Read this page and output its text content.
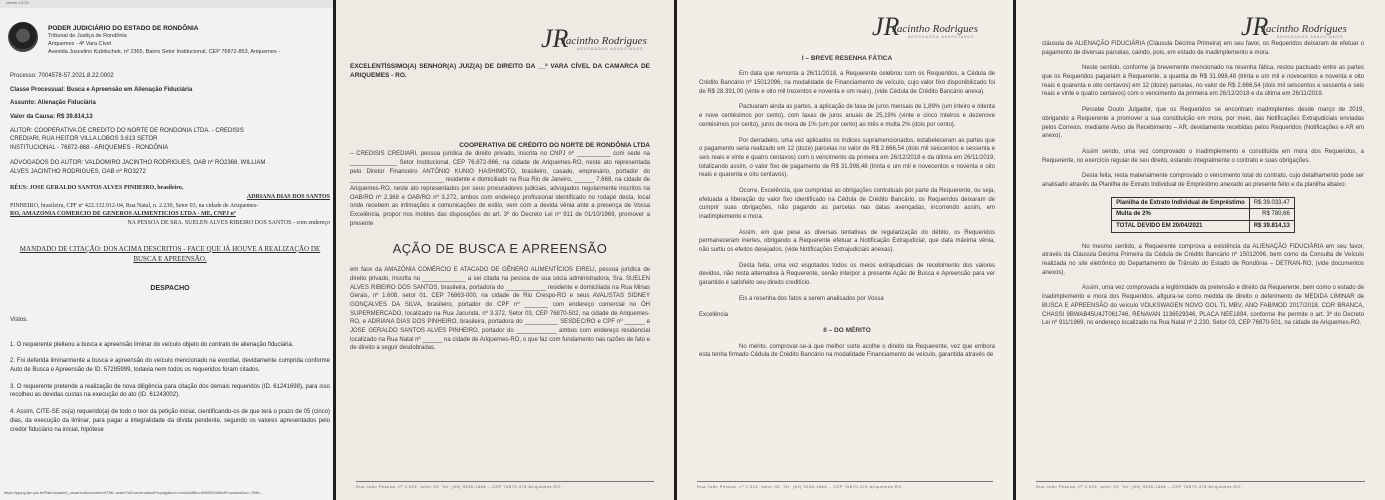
viewer 13:32
PODER JUDICIÁRIO DO ESTADO DE RONDÔNIA
Tribunal de Justiça de Rondônia
Ariquemes - 4ª Vara Cível
Avenida Juscelino Kubitschek, nº 2365, Bairro Setor Institucional, CEP 76872-853, Ariquemes -
Processo: 7004578-57.2021.8.22.0002
Classe Processual: Busca e Apreensão em Alienação Fiduciária
Assunto: Alienação Fiduciária
Valor da Causa: R$ 39.814,13
AUTOR: COOPERATIVA DE CREDITO DO NORTE DE RONDONIA LTDA. - CREDISIS
CREDIARI, RUA HEITOR VILLA LOBOS 3.613 SETOR
INSTITUCIONAL - 76872-868 - ARIQUEMES - RONDÔNIA
ADVOGADOS DO AUTOR: VALDOMIRO JACINTHO RODRIGUES, OAB nº RO2368, WILLIAM
ALVES JACINTHO RODRIGUES, OAB nº RO3272
RÉUS: JOSE GERALDO SANTOS ALVES PINHEIRO, brasileiro,
ADRIANA DIAS DOS SANTOS
PINHEIRO, brasileira, CPF nº 422.332.912-04, Rua Natal, n. 2.230, Setor 03, na cidade de Ariquemes-
RO, AMAZONIA COMERCIO DE GENEROS ALIMENTICIOS LTDA - ME, CNPJ nº
NA PESSOA DE SRA. SUELEN ALVES RIBEIRO DOS SANTOS - com endereço
MANDADO DE CITAÇÃO: DOS ACIMA DESCRITOS - FACE QUE JÁ HOUVE A REALIZAÇÃO DE BUSCA E APREENSÃO.
DESPACHO
Vistos.
1. O requerente pleiteou a busca e apreensão liminar do veículo objeto do contrato de alienação fiduciária.
2. Foi deferida liminarmente a busca e apreensão do veículo mencionado na exordial, devidamente cumprida conforme Auto de Busca e Apreensão de ID. 57285999, todavia nem todos os requeridos foram citados.
3. O requerente pretende a realização de nova diligência para citação dos demais requeridos (ID. 61241698), para isso recolheu as devidas custas na execução do ato (ID. 61243002).
4. Assim, CITE-SE os(a) requerido(a) de todo o teor da petição inicial, cientificando-os de que terá o prazo de 05 (cinco) dias, da execução da liminar, para pagar a integralidade da dívida pendente, segundo os valores apresentados pelo credor fiduciário na inicial, hipótese
https://pjepg.tjro.jus.br/Painel/painel_usuario/documentoHTML.seam?idConversationPropagation=none&idBin=59690408&idProcessoDoc=7656...
JR
Jacintho Rodrigues
ADVOGADOS ASSOCIADOS
EXCELENTÍSSIMO(A) SENHOR(A) JUIZ(A) DE DIREITO DA __ª VARA CÍVEL DA CAMARCA DE ARIQUEMES - RO.
COOPERATIVA DE CRÉDITO DO NORTE DE RONDÔNIA LTDA

– CREDISIS CREDIARI, pessoa jurídica de direito privado, inscrita no CNPJ nº __________ com sede na ______________ Setor Institucional, CEP 76.872-866, na cidade de Ariquemes-RO, neste ato representada pelo Diretor Financeiro ANTÔNIO KUNIO HASHIMOTO, brasileiro, casado, empresário, portador do ____________________________ residente e domiciliado na Rua Rio de Janeiro, ______ 7.668, na cidade de Ariquemes-RO, neste ato representados por seus procuradores judiciais, advogados regularmente inscritos na OAB/RO nº 2.368 e OAB/RO nº 3.272, ambos com endereço profissional identificado no rodapé desta, local onde recebem as intimações e comunicações de estilo, vem com a devida vênia ante a presença de Vossa Excelência, propor nos moldes das disposições do art. 3º do Decreto Lei nº 911 de 01/10/1969, promover a presente

AÇÃO DE BUSCA E APREENSÃO

em face da AMAZÔNIA COMÉRCIO E ATACADO DE GÊNERO ALIMENTÍCIOS EIRELI, pessoa jurídica de direito privado, inscrita no _____________ a sei citada na pessoa de sua sócia administradora, Sra. SUELEN ALVES RIBEIRO DOS SANTOS, brasileira, portadora do ____________ residente e domiciliada na Rua Minas Gerais, nº 1.608, setor 01, CEP 76863-000, na cidade de Rio Crespo-RO e seus AVALISTAS SIDNEY GONÇALVES DA SILVA, brasileiro, portador do CPF nº _______ com endereço comercial no ÓH SUPERMERCADO, localizado na Rua Jacundá, nº 3.372, Setor 03, CEP 76870-502, na cidade de Ariquemes-RO, e ADRIANA DIAS DOS PINHEIRO, brasileira, portadora do __________ SESDEC/RO e CPF nº ______ e JOSE GERALDO SANTOS ALVES PINHEIRO, portador do ____________ ambos com endereço residencial localizado na Rua Natal nº ______ na cidade de Ariquemes-RO, o que faz com fundamento nas razões de fato e de direito a seguir desdobradas.

Rua João Pessoa, nº 2.524, setor 03, Tel: (69) 3536-1866 – CEP 76870-476 Ariquemes-RO.
JR
Jacintho Rodrigues
ADVOGADOS ASSOCIADOS

I – BREVE RESENHA FÁTICA

Em data que remonta a 26/11/2018, a Requerente celebrou com os Requeridos, a Cédula de Crédito Bancário nº 15012096, na modalidade de Financiamento de veículo, cujo valor fixo disponibilizado foi de R$ 28.391,00 (vinte e oito mil trezentos e noventa e um reais), (vide Cédula de Crédito Bancário anexa).

Pactuaram ainda as partes, a aplicação de taxa de juros mensais de 1,89% (um inteiro e oitenta e nove centésimos por cento), com taxas de juros anuais de 25,19% (vinte e cinco inteiros e dezenove centésimos por cento), juros de mora de 1% (um por cento) ao mês e multa 2% (dois por cento).

Por derradeiro, uma vez aplicados os índices supramencionados, estabeleceram as partes que o pagamento seria realizado em 12 (doze) parcelas no valor de R$ 2.666,54 (dois mil seiscentos e sessenta e seis reais e vinte e quatro centavos) com o vencimento da primeira em 26/12/2018 e da última em 26/11/2019, totalizando assim, o valor fixo de pagamento de R$ 31.998,48 (trinta e um mil e novecentos e noventa e oito reais e quarenta e oito centavos).

Ocorre, Excelência, que cumpridas as obrigações contratuais por parte da Requerente, ou seja, efetuada a liberação do valor fixo identificado na Cédula de Crédito Bancário, os Requeridos deixaram de cumprir suas obrigações, não pagando as parcelas nas datas avençadas, incorrendo assim, em inadimplemento e mora.

Assim, em que pese as diversas tentativas de regularização do débito, os Requeridos permaneceram inertes, obrigando a Requerente efetuar a Notificação Extrajudicial, que data máxima vênia, não surtiu os efeitos desejados, (vide Notificações Extrajudiciais anexas).

Desta feita, uma vez esgotados todos os meios extrajudiciais de recebimento dos valores devidos, não resta alternativa à Requerente, senão interpor a presente Ação de Busca e Apreensão para ver garantido e satisfeito seu direito creditício.

Eis a resenha dos fatos a serem analisados por Vossa

Excelência

II – DO MÉRITO

No mérito, comprovar-se-á que melhor sorte acolhe o direito da Requerente, vez que embora esta tenha firmado Cédula de Crédito Bancário na modalidade Financiamento de veículo, garantida através de

Rua João Pessoa, nº 2.524, setor 03, Tel: (69) 3536-1866 – CEP 76870-476 Ariquemes-RO.
JR
Jacintho Rodrigues
ADVOGADOS ASSOCIADOS

cláusula de ALIENAÇÃO FIDUCIÁRIA (Cláusula Décima Primeira) em seu favor, os Requeridos deixaram de efetuar o pagamento de diversas parcelas, caindo, pois, em estado de inadimplemento e mora.

Neste sentido, conforme já brevemente mencionado na resenha fática, restou pactuado entre as partes que os Requeridos pagariam à Requerente, a quantia de R$ 31.998,48 (trinta e um mil e novecentos e noventa e oito reais e quarenta e oito centavos) em 12 (doze) parcelas, no valor de R$ 2.666,54 (dois mil seiscentos e sessenta e seis reais e vinte e quatro centavos) com o vencimento da primeira em 26/12/2018 e da última em 26/11/2019.

Percebe Douto Julgador, que os Requeridos se encontram inadimplentes desde março de 2019, obrigando a Requerente a promover a sua constituição em mora, por meio, das Notificações Extrajudiciais enviadas pelos Correios, mediante Aviso de Recebimento – AR, devidamente recebidas pelos Requeridos (Notificações e AR em anexo).

Assim sendo, uma vez comprovado o inadimplemento e constituída em mora dos Requeridos, a Requerente, no exercício regular de seu direito, estando integralmente o contrato e suas obrigações.

Desta feita, resta materialmente comprovado o vencimento total do contrato, cujo detalhamento pode ser analisado através da Planilha de Extrato Individual de Empréstimo anexado ao presente feito e da planilha abaixo:

Planilha de Extrato Individual de Empréstimo	R$ 39.033,47
Multa de 2%	R$ 780,66
TOTAL DEVIDO EM 20/04/2021	R$ 39.814,13

No mesmo sentido, a Requerente comprova a existência da ALIENAÇÃO FIDUCIÁRIA em seu favor, através da Cláusula Décima Primeira da Cédula de Crédito Bancário nº 15012096, bem como da Consulta de Veículo realizada no site eletrônico do Departamento de Trânsito do Estado de Rondônia – DETRAN-RO, (vide documentos anexos).

Assim, uma vez comprovada a legitimidade da pretensão e direito da Requerente, bem como o estado de inadimplemento e mora dos Requeridos, afigura-se como medida de direito o deferimento de MEDIDA LIMINAR de BUSCA E APREENSÃO do veículo VOLKSWAGEN NOVO GOL TL MBV, ANO FAB/MOD 2017/2018, COR BRANCA, CHASSI 9BWAB45U4JT061746, RENAVAN 1136529346, PLACA NEE1894, conforme lhe permite o art. 3º do Decreto Lei nº 911/1969, no endereço localizado na Rua Natal nº 2.230, Setor 03, CEP 76870-501, na cidade de Ariquemes-RO.

Rua João Pessoa, nº 2.524, setor 03, Tel: (69) 3536-1866 – CEP 76870-476 Ariquemes-RO.
